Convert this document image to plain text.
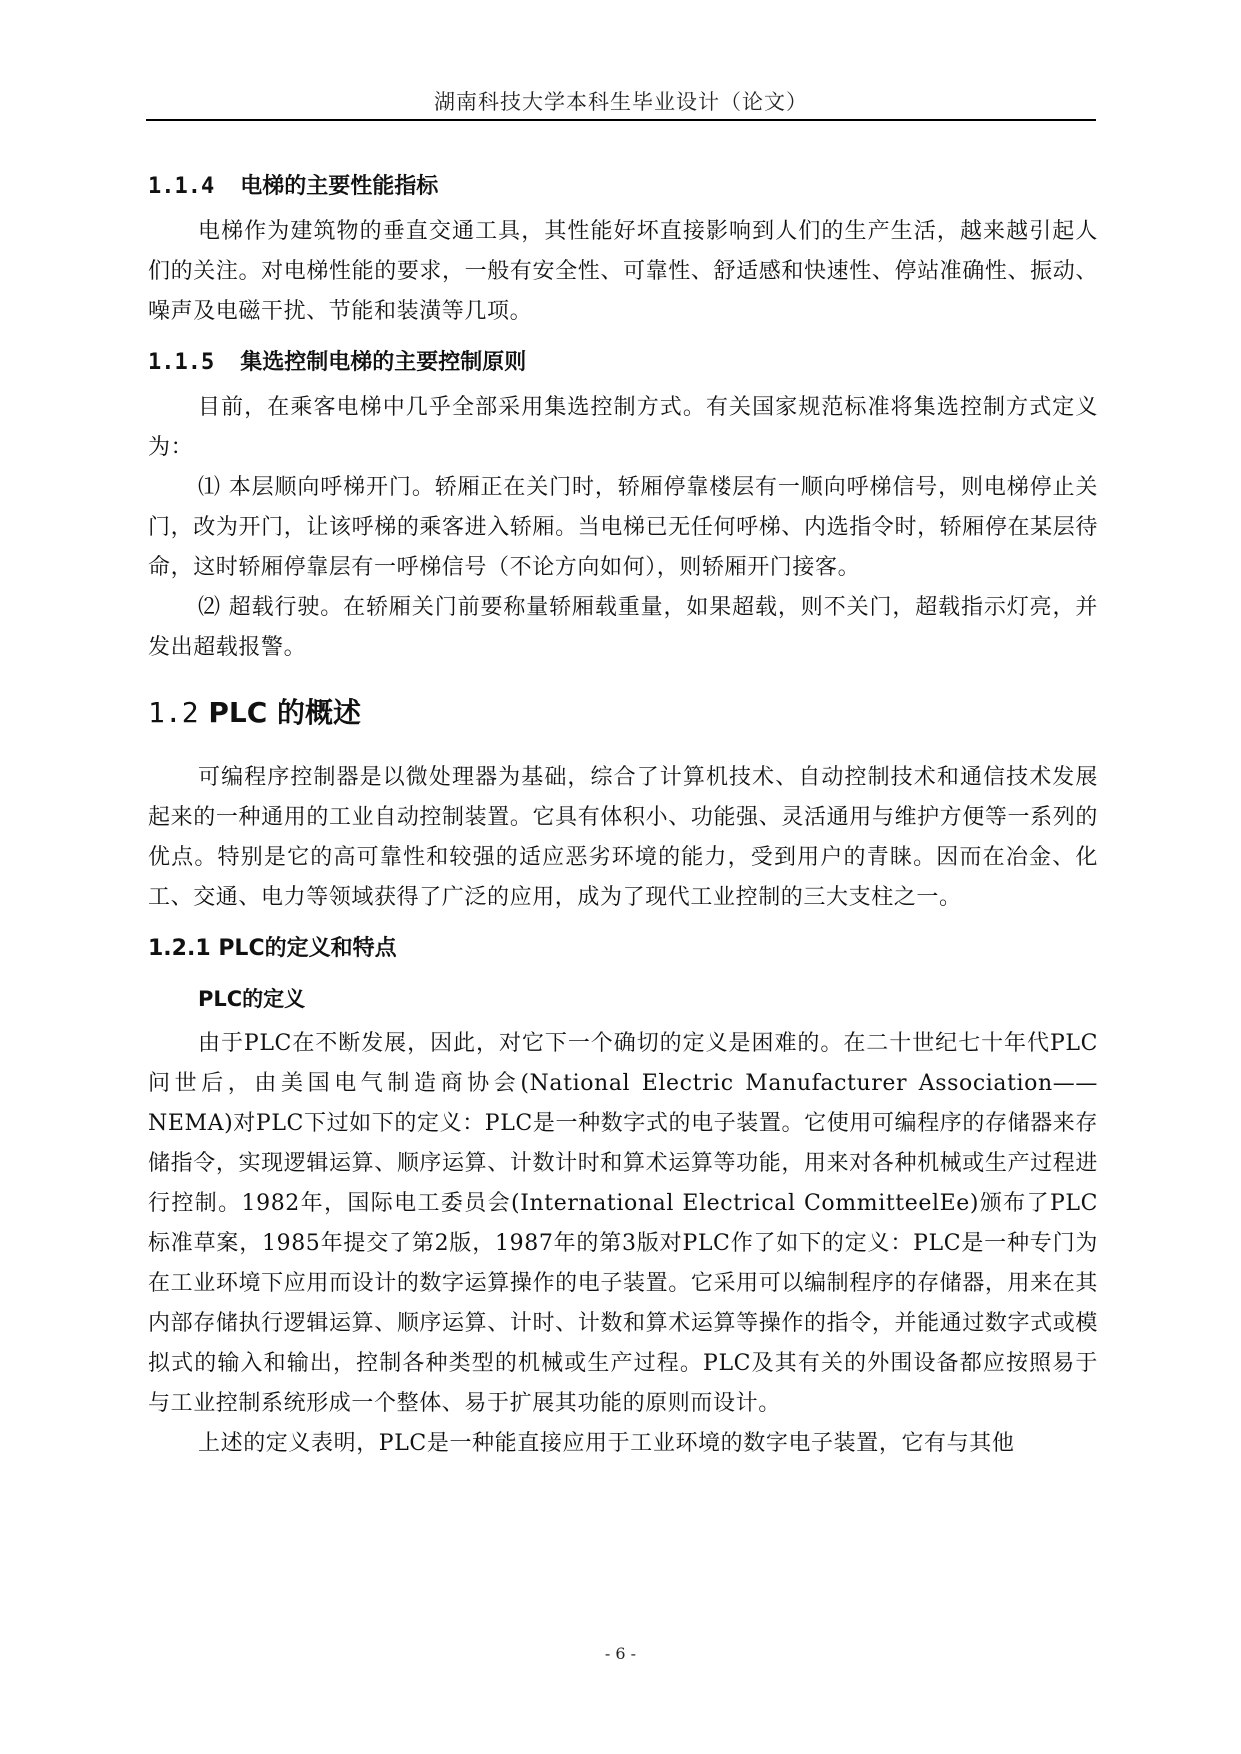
湖南科技大学本科生毕业设计（论文）
1.1.4 电梯的主要性能指标

电梯作为建筑物的垂直交通工具，其性能好坏直接影响到人们的生产生活，越来越引起人们的关注。对电梯性能的要求，一般有安全性、可靠性、舒适感和快速性、停站准确性、振动、噪声及电磁干扰、节能和装潢等几项。

1.1.5 集选控制电梯的主要控制原则

目前，在乘客电梯中几乎全部采用集选控制方式。有关国家规范标准将集选控制方式定义为：

⑴ 本层顺向呼梯开门。轿厢正在关门时，轿厢停靠楼层有一顺向呼梯信号，则电梯停止关门，改为开门，让该呼梯的乘客进入轿厢。当电梯已无任何呼梯、内选指令时，轿厢停在某层待命，这时轿厢停靠层有一呼梯信号（不论方向如何），则轿厢开门接客。

⑵ 超载行驶。在轿厢关门前要称量轿厢载重量，如果超载，则不关门，超载指示灯亮，并发出超载报警。

1.2 PLC 的概述

可编程序控制器是以微处理器为基础，综合了计算机技术、自动控制技术和通信技术发展起来的一种通用的工业自动控制装置。它具有体积小、功能强、灵活通用与维护方便等一系列的优点。特别是它的高可靠性和较强的适应恶劣环境的能力，受到用户的青睐。因而在冶金、化工、交通、电力等领域获得了广泛的应用，成为了现代工业控制的三大支柱之一。

1.2.1 PLC的定义和特点
PLC的定义

由于PLC在不断发展，因此，对它下一个确切的定义是困难的。在二十世纪七十年代PLC问世后，由美国电气制造商协会(National Electric Manufacturer Association——NEMA)对PLC下过如下的定义：PLC是一种数字式的电子装置。它使用可编程序的存储器来存储指令，实现逻辑运算、顺序运算、计数计时和算术运算等功能，用来对各种机械或生产过程进行控制。1982年，国际电工委员会(International Electrical CommitteelEe)颁布了PLC标准草案，1985年提交了第2版，1987年的第3版对PLC作了如下的定义：PLC是一种专门为在工业环境下应用而设计的数字运算操作的电子装置。它采用可以编制程序的存储器，用来在其内部存储执行逻辑运算、顺序运算、计时、计数和算术运算等操作的指令，并能通过数字式或模拟式的输入和输出，控制各种类型的机械或生产过程。PLC及其有关的外围设备都应按照易于与工业控制系统形成一个整体、易于扩展其功能的原则而设计。

上述的定义表明，PLC是一种能直接应用于工业环境的数字电子装置，它有与其他

- 6 -
